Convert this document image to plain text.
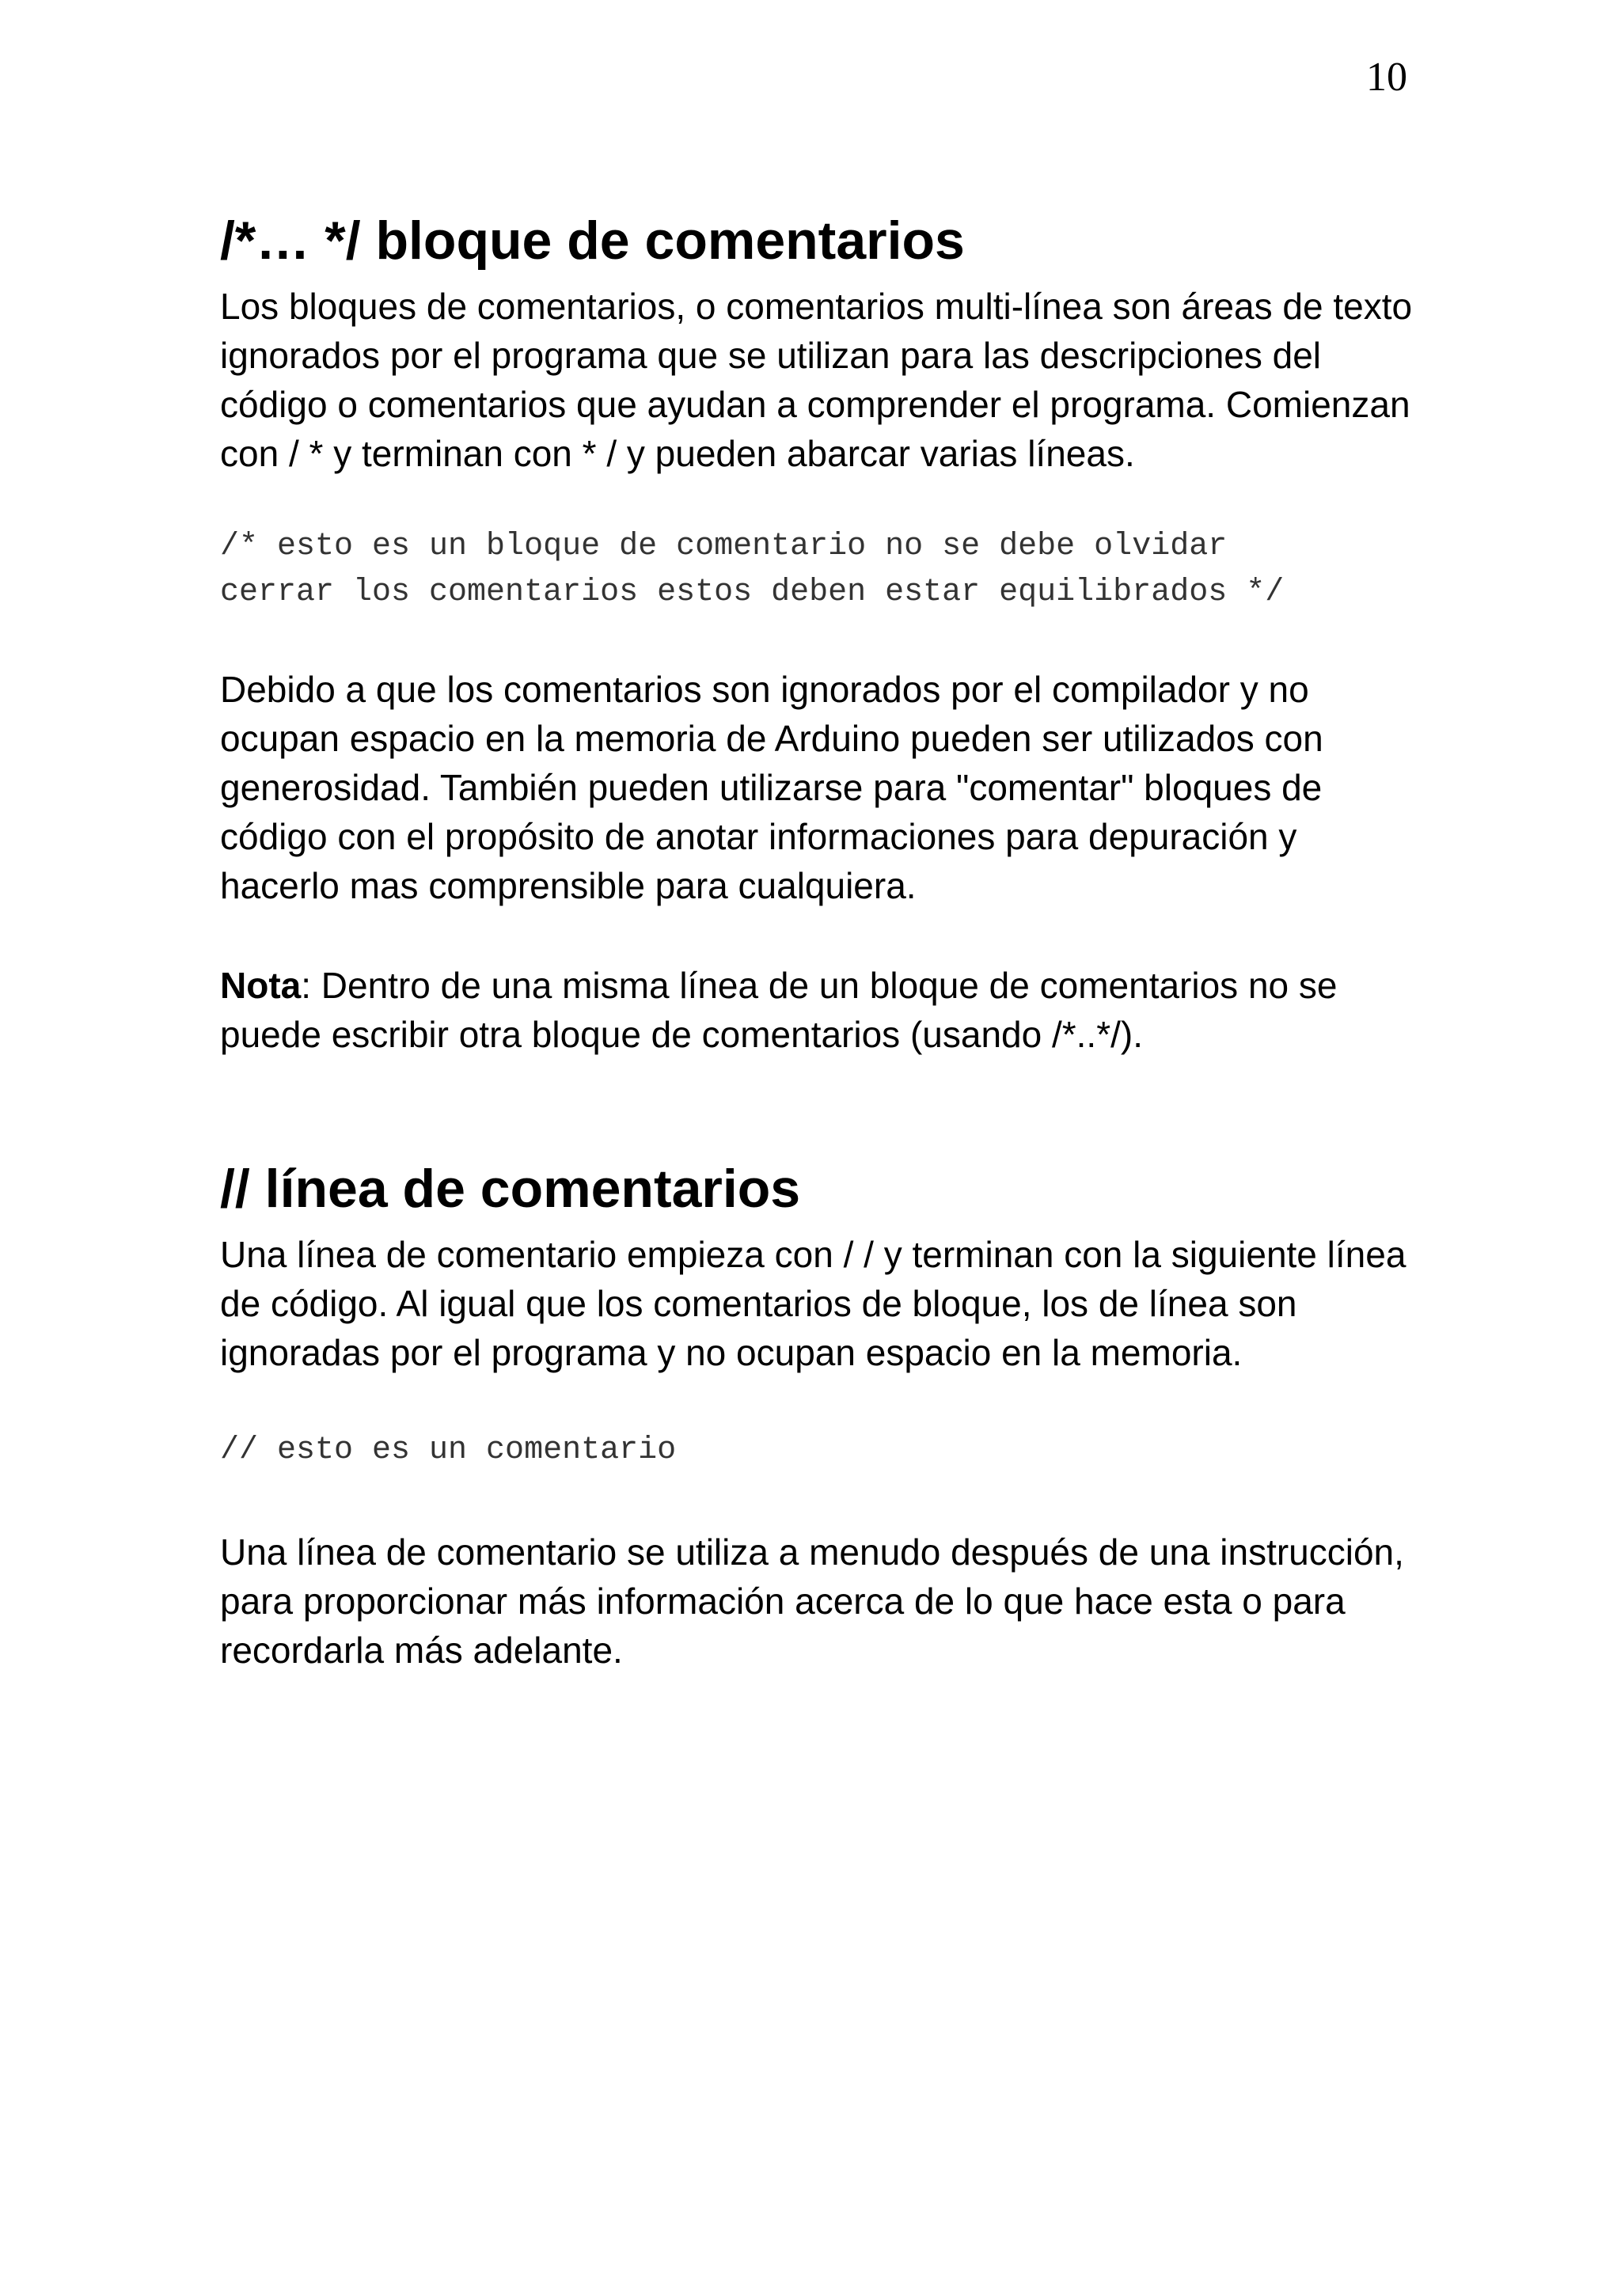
10
/*… */ bloque de comentarios

Los bloques de comentarios, o comentarios multi-línea son áreas de texto ignorados por el programa que se utilizan para las descripciones del código o comentarios que ayudan a comprender el programa. Comienzan con / * y terminan con * / y pueden abarcar varias líneas.

/* esto es un bloque de comentario no se debe olvidar
cerrar los comentarios estos deben estar equilibrados */

Debido a que los comentarios son ignorados por el compilador y no ocupan espacio en la memoria de Arduino pueden ser utilizados con generosidad. También pueden utilizarse para "comentar" bloques de código con el propósito de anotar informaciones para depuración y hacerlo mas comprensible para cualquiera.

Nota: Dentro de una misma línea de un bloque de comentarios no se puede escribir otra bloque de comentarios (usando /*..*/).

// línea de comentarios

Una línea de comentario empieza con / / y terminan con la siguiente línea de código. Al igual que los comentarios de bloque, los de línea son ignoradas por el programa y no ocupan espacio en la memoria.

// esto es un comentario

Una línea de comentario se utiliza a menudo después de una instrucción, para proporcionar más información acerca de lo que hace esta o para recordarla más adelante.
